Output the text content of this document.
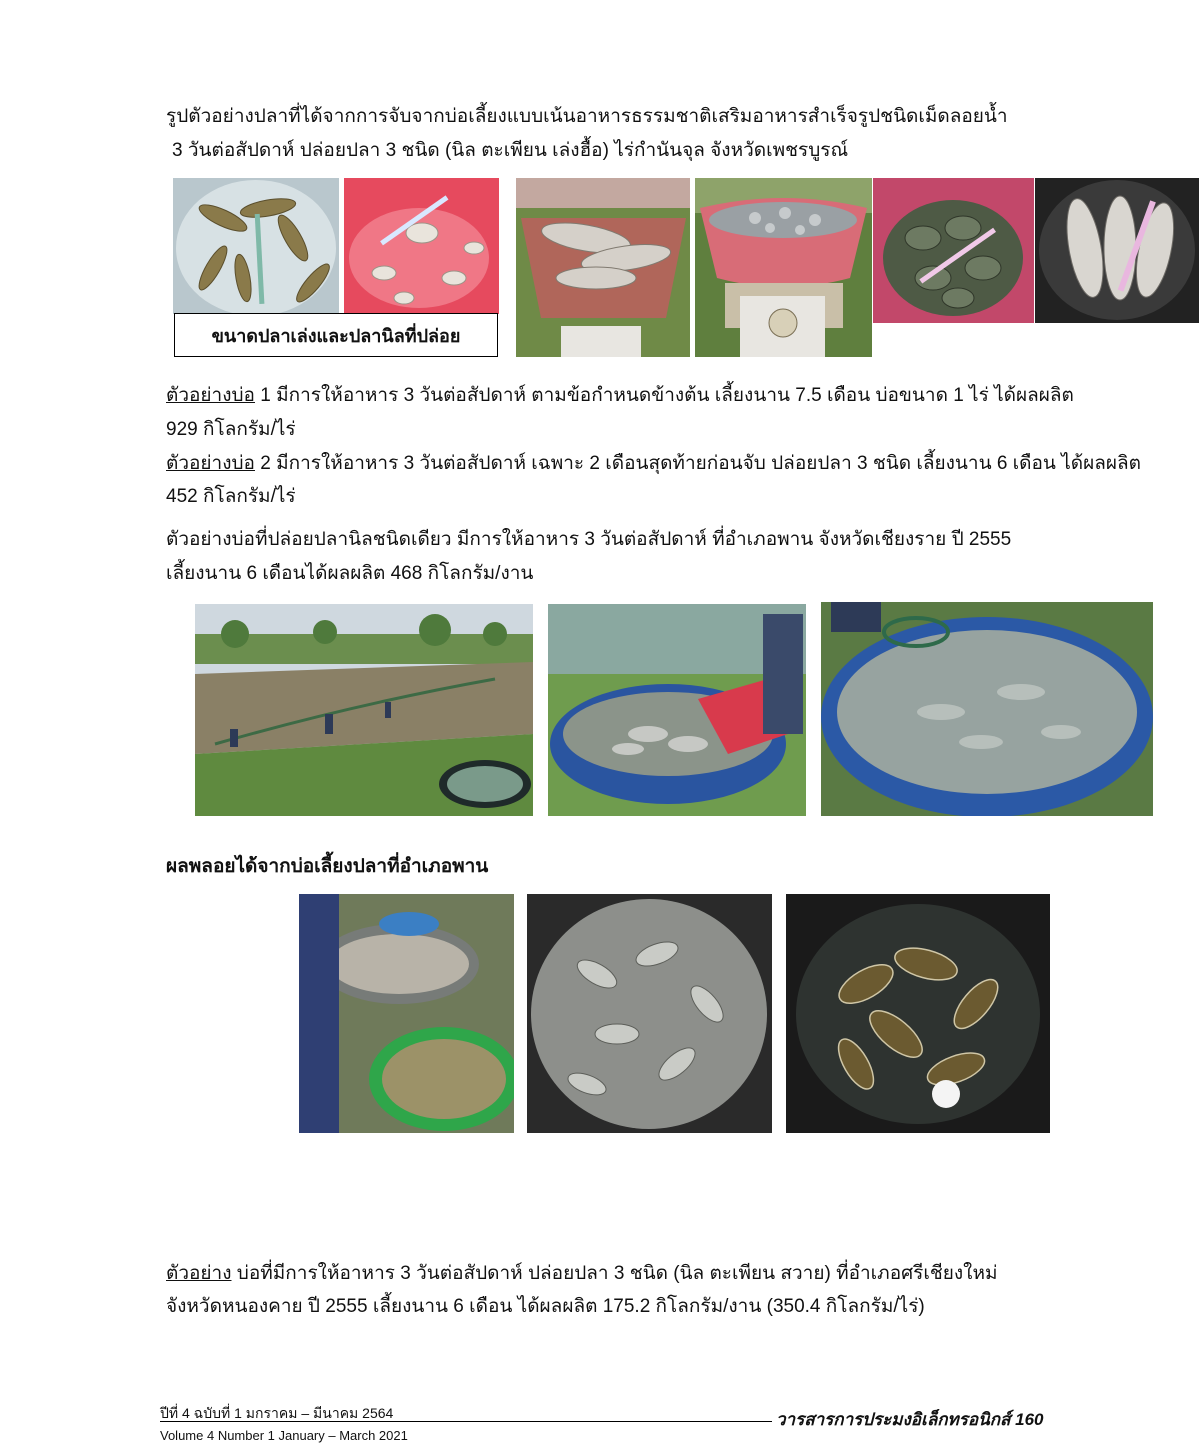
รูปตัวอย่างปลาที่ได้จากการจับจากบ่อเลี้ยงแบบเน้นอาหารธรรมชาติเสริมอาหารสำเร็จรูปชนิดเม็ดลอยน้ำ
3 วันต่อสัปดาห์ ปล่อยปลา 3 ชนิด (นิล ตะเพียน เล่งฮื้อ) ไร่กำนันจุล จังหวัดเพชรบูรณ์
ขนาดปลาเล่งและปลานิลที่ปล่อย
ตัวอย่างบ่อ 1 มีการให้อาหาร 3 วันต่อสัปดาห์ ตามข้อกำหนดข้างต้น เลี้ยงนาน 7.5 เดือน บ่อขนาด 1 ไร่ ได้ผลผลิต
929 กิโลกรัม/ไร่
ตัวอย่างบ่อ 2 มีการให้อาหาร 3 วันต่อสัปดาห์ เฉพาะ 2 เดือนสุดท้ายก่อนจับ ปล่อยปลา 3 ชนิด เลี้ยงนาน 6 เดือน ได้ผลผลิต
452 กิโลกรัม/ไร่
ตัวอย่างบ่อที่ปล่อยปลานิลชนิดเดียว มีการให้อาหาร 3 วันต่อสัปดาห์ ที่อำเภอพาน จังหวัดเชียงราย ปี 2555
เลี้ยงนาน 6 เดือนได้ผลผลิต 468 กิโลกรัม/งาน
ผลพลอยได้จากบ่อเลี้ยงปลาที่อำเภอพาน
ตัวอย่าง บ่อที่มีการให้อาหาร 3 วันต่อสัปดาห์ ปล่อยปลา 3 ชนิด (นิล ตะเพียน สวาย) ที่อำเภอศรีเชียงใหม่
จังหวัดหนองคาย ปี 2555 เลี้ยงนาน 6 เดือน ได้ผลผลิต 175.2 กิโลกรัม/งาน (350.4 กิโลกรัม/ไร่)
ปีที่ 4 ฉบับที่ 1 มกราคม – มีนาคม 2564
Volume 4 Number 1 January – March 2021
วารสารการประมงอิเล็กทรอนิกส์ 160
